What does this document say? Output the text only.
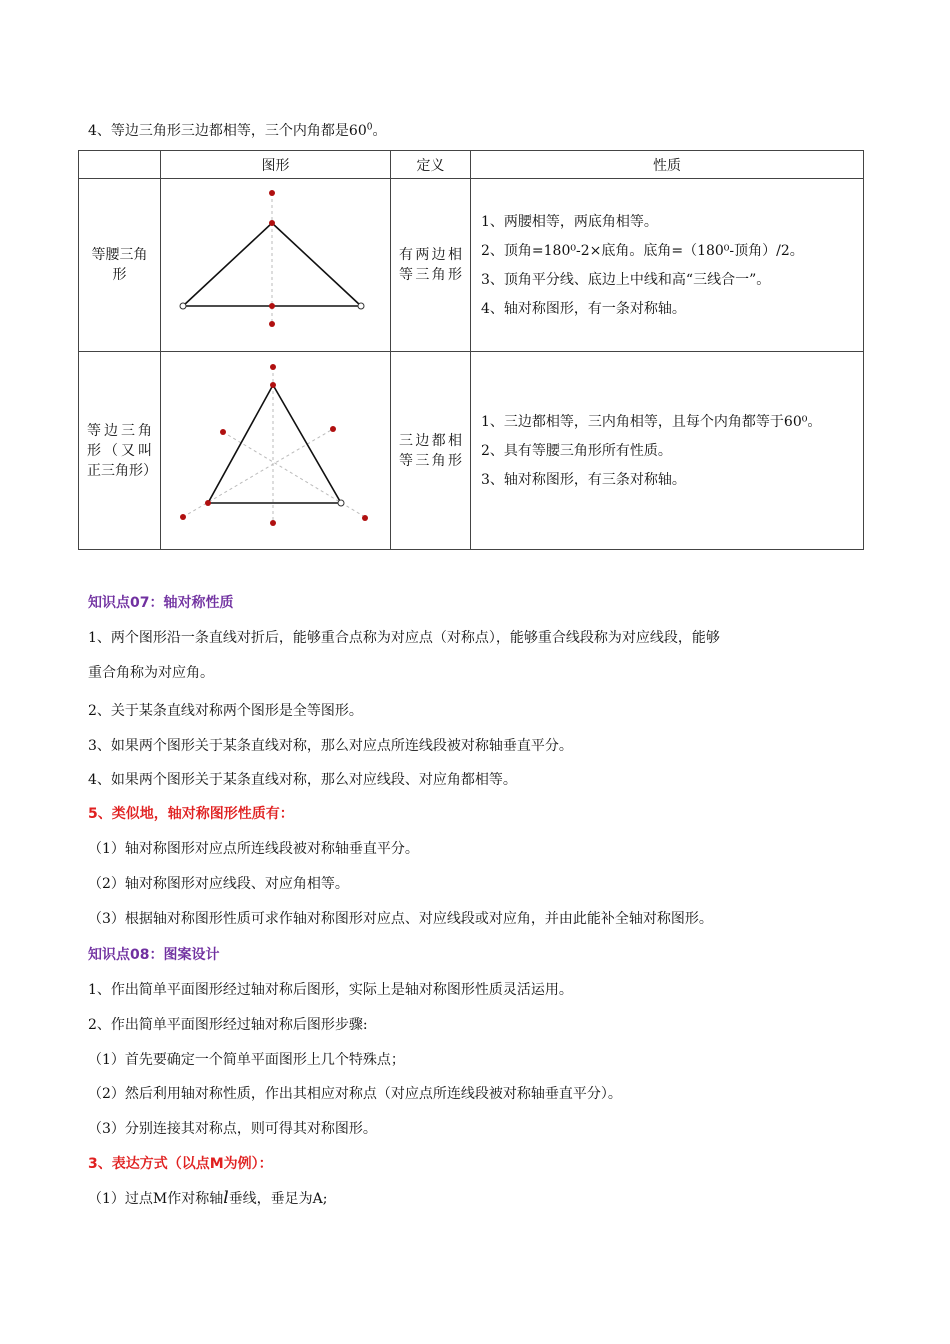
4、等边三角形三边都相等，三个内角都是$60^0$。
	图形	定义	性质

等腰三角形		有两边相等三角形	1、两腰相等，两底角相等。
2、顶角=180⁰-2×底角。底角=（180⁰-顶角）/2。
3、顶角平分线、底边上中线和高“三线合一”。
4、轴对称图形，有一条对称轴。

等边三角形（又叫正三角形）		三边都相等三角形	1、三边都相等，三内角相等，且每个内角都等于60⁰。
2、具有等腰三角形所有性质。
3、轴对称图形，有三条对称轴。
知识点07：轴对称性质
1、两个图形沿一条直线对折后，能够重合点称为对应点（对称点），能够重合线段称为对应线段，能够
重合角称为对应角。
2、关于某条直线对称两个图形是全等图形。
3、如果两个图形关于某条直线对称，那么对应点所连线段被对称轴垂直平分。
4、如果两个图形关于某条直线对称，那么对应线段、对应角都相等。
5、类似地，轴对称图形性质有：
（1）轴对称图形对应点所连线段被对称轴垂直平分。
（2）轴对称图形对应线段、对应角相等。
（3）根据轴对称图形性质可求作轴对称图形对应点、对应线段或对应角，并由此能补全轴对称图形。
知识点08：图案设计
1、作出简单平面图形经过轴对称后图形，实际上是轴对称图形性质灵活运用。
2、作出简单平面图形经过轴对称后图形步骤:
（1）首先要确定一个简单平面图形上几个特殊点；
（2）然后利用轴对称性质，作出其相应对称点（对应点所连线段被对称轴垂直平分）。
（3）分别连接其对称点，则可得其对称图形。
3、表达方式（以点M为例）：
（1）过点M作对称轴l垂线，垂足为A;
